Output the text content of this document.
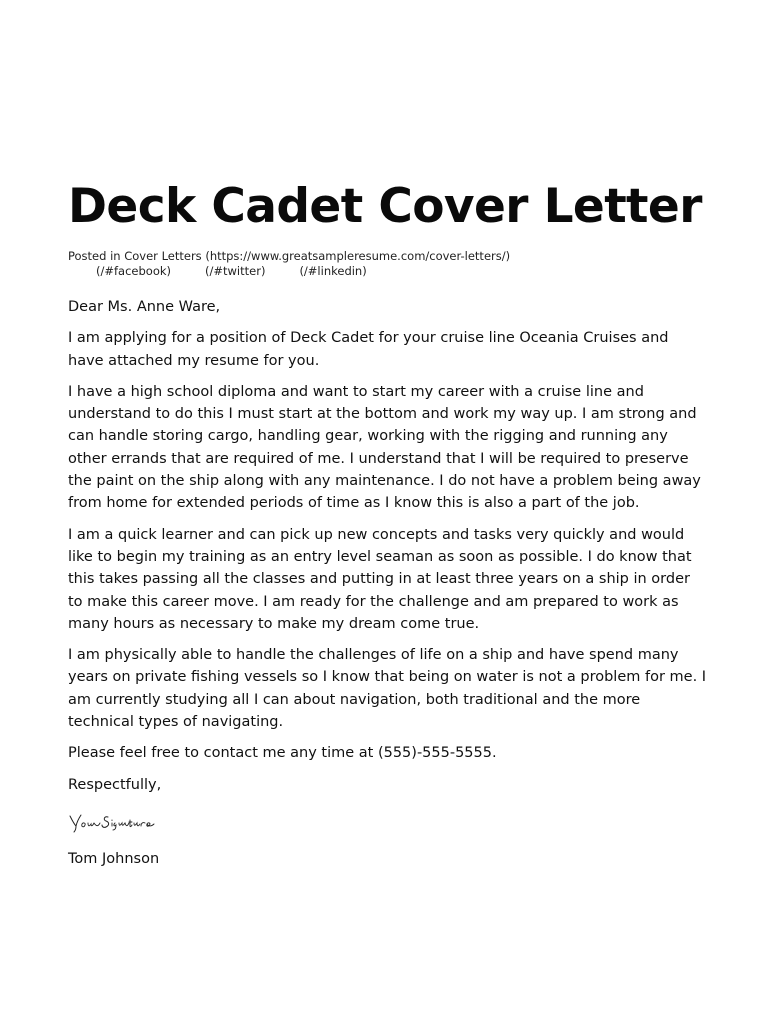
Deck Cadet Cover Letter
Posted in Cover Letters (https://www.greatsampleresume.com/cover-letters/)
(/#facebook)	(/#twitter)	(/#linkedin)

Dear Ms. Anne Ware,

I am applying for a position of Deck Cadet for your cruise line Oceania Cruises and have attached my resume for you.

I have a high school diploma and want to start my career with a cruise line and understand to do this I must start at the bottom and work my way up. I am strong and can handle storing cargo, handling gear, working with the rigging and running any other errands that are required of me. I understand that I will be required to preserve the paint on the ship along with any maintenance. I do not have a problem being away from home for extended periods of time as I know this is also a part of the job.

I am a quick learner and can pick up new concepts and tasks very quickly and would like to begin my training as an entry level seaman as soon as possible. I do know that this takes passing all the classes and putting in at least three years on a ship in order to make this career move. I am ready for the challenge and am prepared to work as many hours as necessary to make my dream come true.

I am physically able to handle the challenges of life on a ship and have spend many years on private fishing vessels so I know that being on water is not a problem for me. I am currently studying all I can about navigation, both traditional and the more technical types of navigating.

Please feel free to contact me any time at (555)-555-5555.

Respectfully,

Tom Johnson
